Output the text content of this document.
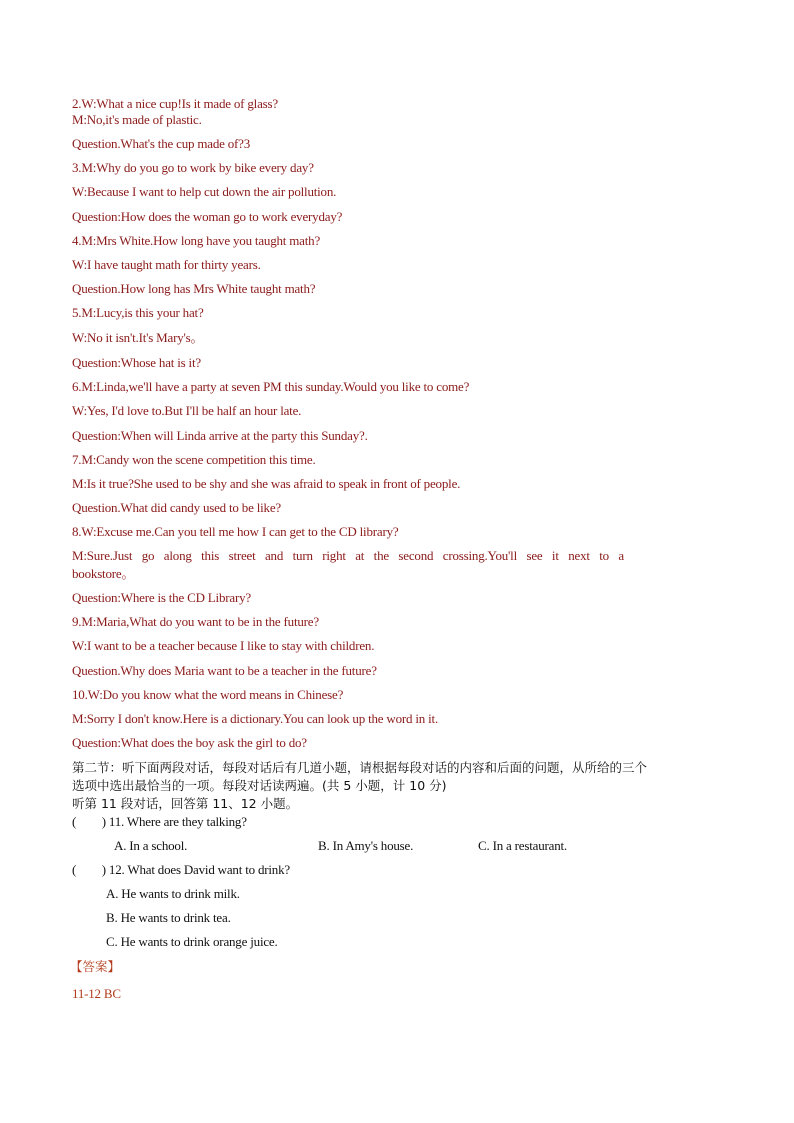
2.W:What a nice cup!Is it made of glass?
M:No,it's made of plastic.
Question.What's the cup made of?3
3.M:Why do you go to work by bike every day?
W:Because I want to help cut down the air pollution.
Question:How does the woman go to work everyday?
4.M:Mrs White.How long have you taught math?
W:I have taught math for thirty years.
Question.How long has Mrs White taught math?
5.M:Lucy,is this your hat?
W:No it isn't.It's Mary's。
Question:Whose hat is it?
6.M:Linda,we'll have a party at seven PM this sunday.Would you like to come?
W:Yes, I'd love to.But I'll be half an hour late.
Question:When will Linda arrive at the party this Sunday?.
7.M:Candy won the scene competition this time.
M:Is it true?She used to be shy and she was afraid to speak in front of people.
Question.What did candy used to be like?
8.W:Excuse me.Can you tell me how I can get to the CD library?
M:Sure.Just go along this street and turn right at the second crossing.You'll see it next to a
bookstore。
Question:Where is the CD Library?
9.M:Maria,What do you want to be in the future?
W:I want to be a teacher because I like to stay with children.
Question.Why does Maria want to be a teacher in the future?
10.W:Do you know what the word means in Chinese?
M:Sorry I don't know.Here is a dictionary.You can look up the word in it.
Question:What does the boy ask the girl to do?
第二节：听下面两段对话，每段对话后有几道小题，请根据每段对话的内容和后面的问题，从所给的三个
选项中选出最恰当的一项。每段对话读两遍。(共 5 小题，计 10 分)
听第 11 段对话，回答第 11、12 小题。
(　　) 11. Where are they talking?
A. In a school.	B. In Amy's house.	C. In a restaurant.
(　　) 12. What does David want to drink?
A. He wants to drink milk.
B. He wants to drink tea.
C. He wants to drink orange juice.
【答案】
11-12 BC
